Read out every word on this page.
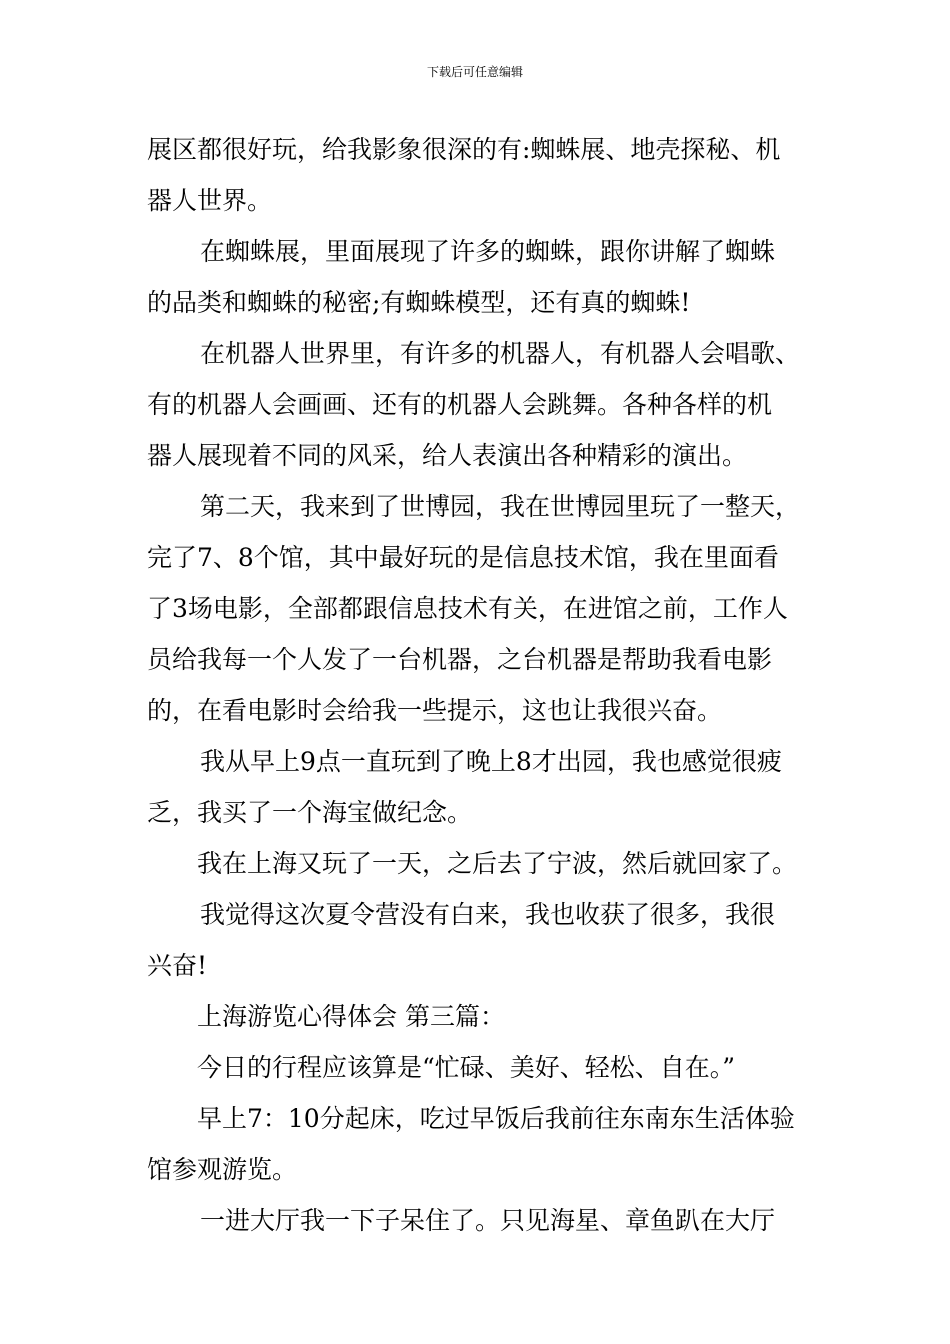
下载后可任意编辑
展区都很好玩，给我影象很深的有:蜘蛛展、地壳探秘、机
器人世界。
在蜘蛛展，里面展现了许多的蜘蛛，跟你讲解了蜘蛛
的品类和蜘蛛的秘密;有蜘蛛模型，还有真的蜘蛛!
在机器人世界里，有许多的机器人，有机器人会唱歌、
有的机器人会画画、还有的机器人会跳舞。各种各样的机
器人展现着不同的风采，给人表演出各种精彩的演出。
第二天，我来到了世博园，我在世博园里玩了一整天，
完了7、8个馆，其中最好玩的是信息技术馆，我在里面看
了3场电影，全部都跟信息技术有关，在进馆之前，工作人
员给我每一个人发了一台机器，之台机器是帮助我看电影
的，在看电影时会给我一些提示，这也让我很兴奋。
我从早上9点一直玩到了晚上8才出园，我也感觉很疲
乏，我买了一个海宝做纪念。
我在上海又玩了一天，之后去了宁波，然后就回家了。
我觉得这次夏令营没有白来，我也收获了很多，我很
兴奋!
上海游览心得体会 第三篇：
今日的行程应该算是“忙碌、美好、轻松、自在。”
早上7：10分起床，吃过早饭后我前往东南东生活体验
馆参观游览。
一进大厅我一下子呆住了。只见海星、章鱼趴在大厅
